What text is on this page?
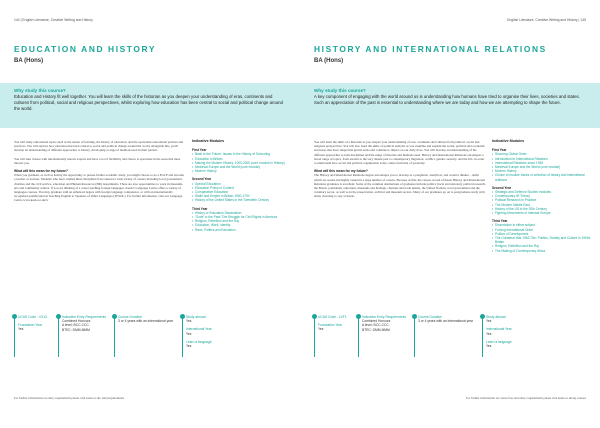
144 | English Literature, Creative Writing and History
EDUCATION AND HISTORY
BA (Hons)
Why study this course?
Education and History fit well together. You will learn the skills of the historian as you deepen your understanding of eras, continents and cultures from political, social and religious perspectives, whilst exploring how education has been central to social and political change around the world.

You will study educational topics such as the nature of learning, the history of education, and the equivalent educational policies and practices. You will explore how education has been central to social and political change around the world. Alongside this, you'll develop an understanding of different approaches to history, developing a range of methods used in their pursuit.

You will take classes with internationally known experts and have a lot of flexibility and choice to specialise in the areas that most interest you.

What will this mean for my future?

When you graduate, as well as having the opportunity to pursue further academic study, you might choose to do a PGCE and become a teacher or lecturer. Students who have studied these disciplines have entered a wide variety of careers including local government, charities and the civil service, education and Human Resources (HR) departments. There are also opportunities to work in museums, arts and community centres. If you are thinking of a career teaching foreign languages, Keele's Language Centre offers a variety of languages courses. You may graduate with an enhanced degree with foreign language competence, or with an internationally recognised qualification in Teaching English to Speakers of Other Languages (TESOL). For further information, visit our Language Centre www.keele.ac.uk/lc

Indicative Modules
First Year
• Back to the Future: Issues in the History of Schooling
• Education in Britain
• Making the Modern History: 1000-2000 (core module in History)
• Medieval Europe and the World (core module)
• Modern History
Second Year
• Special Education
• Education Policy in Context
• Comparative Education
• Stalin and Empire in Britain 1500-1700
• History of the United States in the Twentieth Century
Third Year
• History or Education Dissertation
• 'Gone' in the Past: The Struggle for Civil Rights in America
• Religion, Rebellion and the Raj
• Education, Work, Identity
• Race, Politics and Education
UCAS Code - VX13
Foundation Year
Yes
Indicative Entry Requirements
Combined Honours
A level: BCC-CCC
BTEC: DMM-MMM
Course Duration
3 or 4 years with an international year
Study abroad
Yes
International Year
Yes
Learn a language
Yes
For further information on entry requirements please visit keele.ac.uk/ entryrequirements
English Literature, Creative Writing and History | 145
HISTORY AND INTERNATIONAL RELATIONS
BA (Hons)
Why study this course?
A key component of engaging with the world around us is understanding how humans have tried to organise their lives, societies and states. Such an appreciation of the past is essential to understanding where we are today and how we are attempting to shape the future.

You will learn the skills of a historian as you deepen your understanding of eras, continents and cultures from political, social and religious perspectives. You will also learn the skills of political analysis as you examine and explain the social, political and economic structures that have shaped the global arena and continue to impact on our daily lives. You will develop an understanding of the different approaches to both disciplines and the range of theories and methods used. History and International Relations encompass a broad range of topics, from ancient to the very distant past to contemporary migration, conflict, gender, security, and the UK, in order to understand how social and political organisation today comes from that of yesterday.

What will this mean for my future?

The History and International Relations degree encourages you to develop as a pragmatic, analytical, and creative thinker – skills which are sound and highly valued in a large number of careers. Because of this, the careers record of Keele History and International Relations graduates is excellent. Some of the common destinations of graduates include politics (local and national), political research, the Brexit, journalism, education, museums and heritage, charities and trade unions, the United Nations, local government and the voluntary sector, as well as in the preservation, archival and museum sectors. Many of our graduates go on to postgraduate study with many choosing to stay at Keele.

Indicative Modules
First Year
• Securing Global Order
• Introduction to International Relations
• International Relations since 1945
• Medieval Europe and the World (core module)
• Modern History
• Choice of module tracks or selection of history and international relations
Second Year
• Strategic and Defence Studies modules
• Contemporary IR Theory
• Political Research in Practice
• The Modern Middle East
• History of the US in the 20th Century
• Fighting Movements in Interwar Europe
Third Year
• Dissertation in either subject
• Forcing International Order
• Politics of Development
• The Collateral War 1962-75e: Politics, Society and Culture in 1960s Britain
• Religion, Rebellion and the Raj
• The Making of Contemporary Africa
UCAS Code - LVF1
Foundation Year
Yes
Indicative Entry Requirements
Combined Honours
A level: BCC-CCC
BTEC: DMM-MMM
Course Duration
3 or 4 years with an international year
Study abroad
Yes
International Year
Yes
Learn a language
Yes
For further information on course fees and entry requirements please visit keele.ac.uk/ug courses
